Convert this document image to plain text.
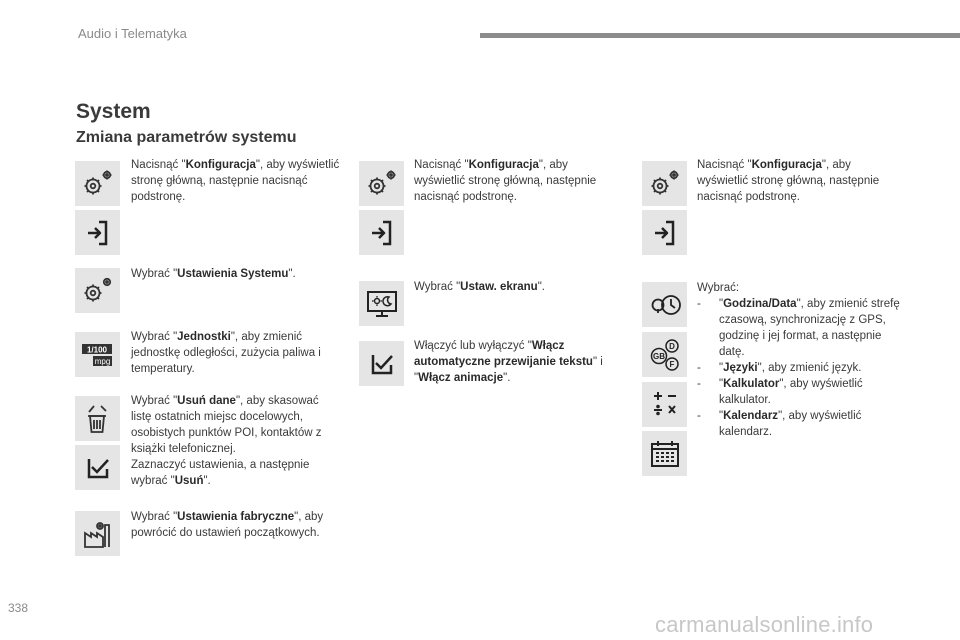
Audio i Telematyka
System
Zmiana parametrów systemu
1/100
mpg
Nacisnąć "Konfiguracja", aby wyświetlić stronę główną, następnie nacisnąć podstronę.
Wybrać "Ustawienia Systemu".
Wybrać "Jednostki", aby zmienić jednostkę odległości, zużycia paliwa i temperatury.
Wybrać "Usuń dane", aby skasować listę ostatnich miejsc docelowych, osobistych punktów POI, kontaktów z książki telefonicznej.
Zaznaczyć ustawienia, a następnie wybrać "Usuń".
Wybrać "Ustawienia fabryczne", aby powrócić do ustawień początkowych.
Nacisnąć "Konfiguracja", aby wyświetlić stronę główną, następnie nacisnąć podstronę.
Wybrać "Ustaw. ekranu".
Włączyć lub wyłączyć "Włącz automatyczne przewijanie tekstu" i "Włącz animacje".
D
GB
F
Nacisnąć "Konfiguracja", aby wyświetlić stronę główną, następnie nacisnąć podstronę.
Wybrać:
- "Godzina/Data", aby zmienić strefę czasową, synchronizację z GPS, godzinę i jej format, a następnie datę.
- "Języki", aby zmienić język.
- "Kalkulator", aby wyświetlić kalkulator.
- "Kalendarz", aby wyświetlić kalendarz.
338
carmanualsonline.info
